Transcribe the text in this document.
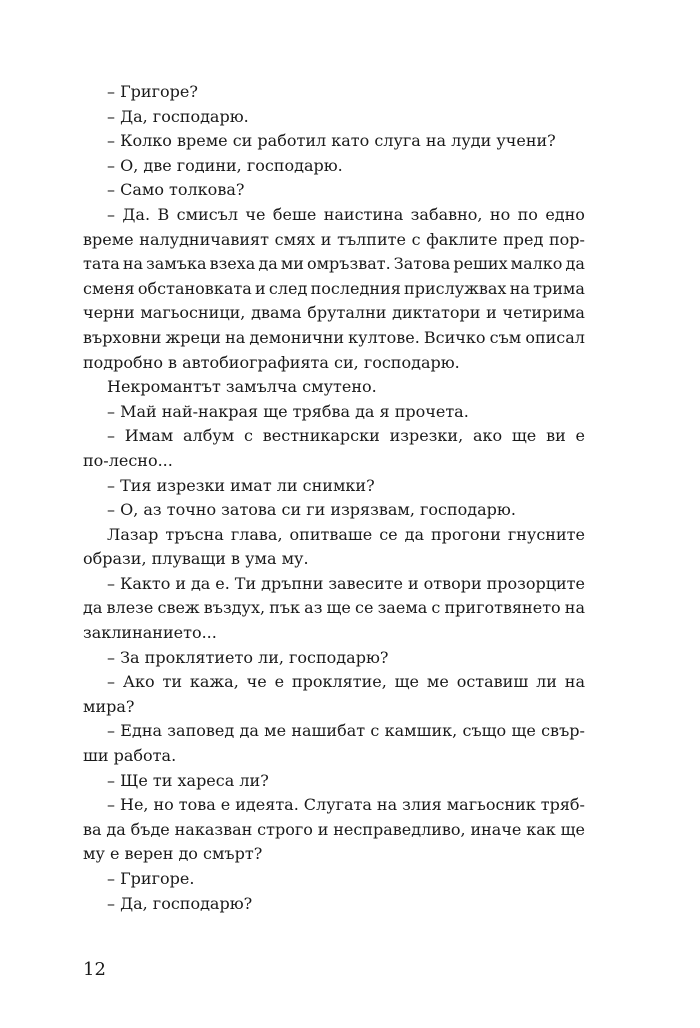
– Григоре?
– Да, господарю.
– Колко време си работил като слуга на луди учени?
– О, две години, господарю.
– Само толкова?
– Да. В смисъл че беше наистина забавно, но по едно
време налудничавият смях и тълпите с факлите пред пор-
тата на замъка взеха да ми омръзват. Затова реших малко да
сменя обстановката и след последния прислужвах на трима
черни магьосници, двама брутални диктатори и четирима
върховни жреци на демонични култове. Всичко съм описал
подробно в автобиографията си, господарю.
Некромантът замълча смутено.
– Май най-накрая ще трябва да я прочета.
– Имам албум с вестникарски изрезки, ако ще ви е
по-лесно...
– Тия изрезки имат ли снимки?
– О, аз точно затова си ги изрязвам, господарю.
Лазар тръсна глава, опитваше се да прогони гнусните
образи, плуващи в ума му.
– Както и да е. Ти дръпни завесите и отвори прозорците
да влезе свеж въздух, пък аз ще се заема с приготвянето на
заклинанието...
– За проклятието ли, господарю?
– Ако ти кажа, че е проклятие, ще ме оставиш ли на
мира?
– Една заповед да ме нашибат с камшик, също ще свър-
ши работа.
– Ще ти хареса ли?
– Не, но това е идеята. Слугата на злия магьосник тряб-
ва да бъде наказван строго и несправедливо, иначе как ще
му е верен до смърт?
– Григоре.
– Да, господарю?
12
